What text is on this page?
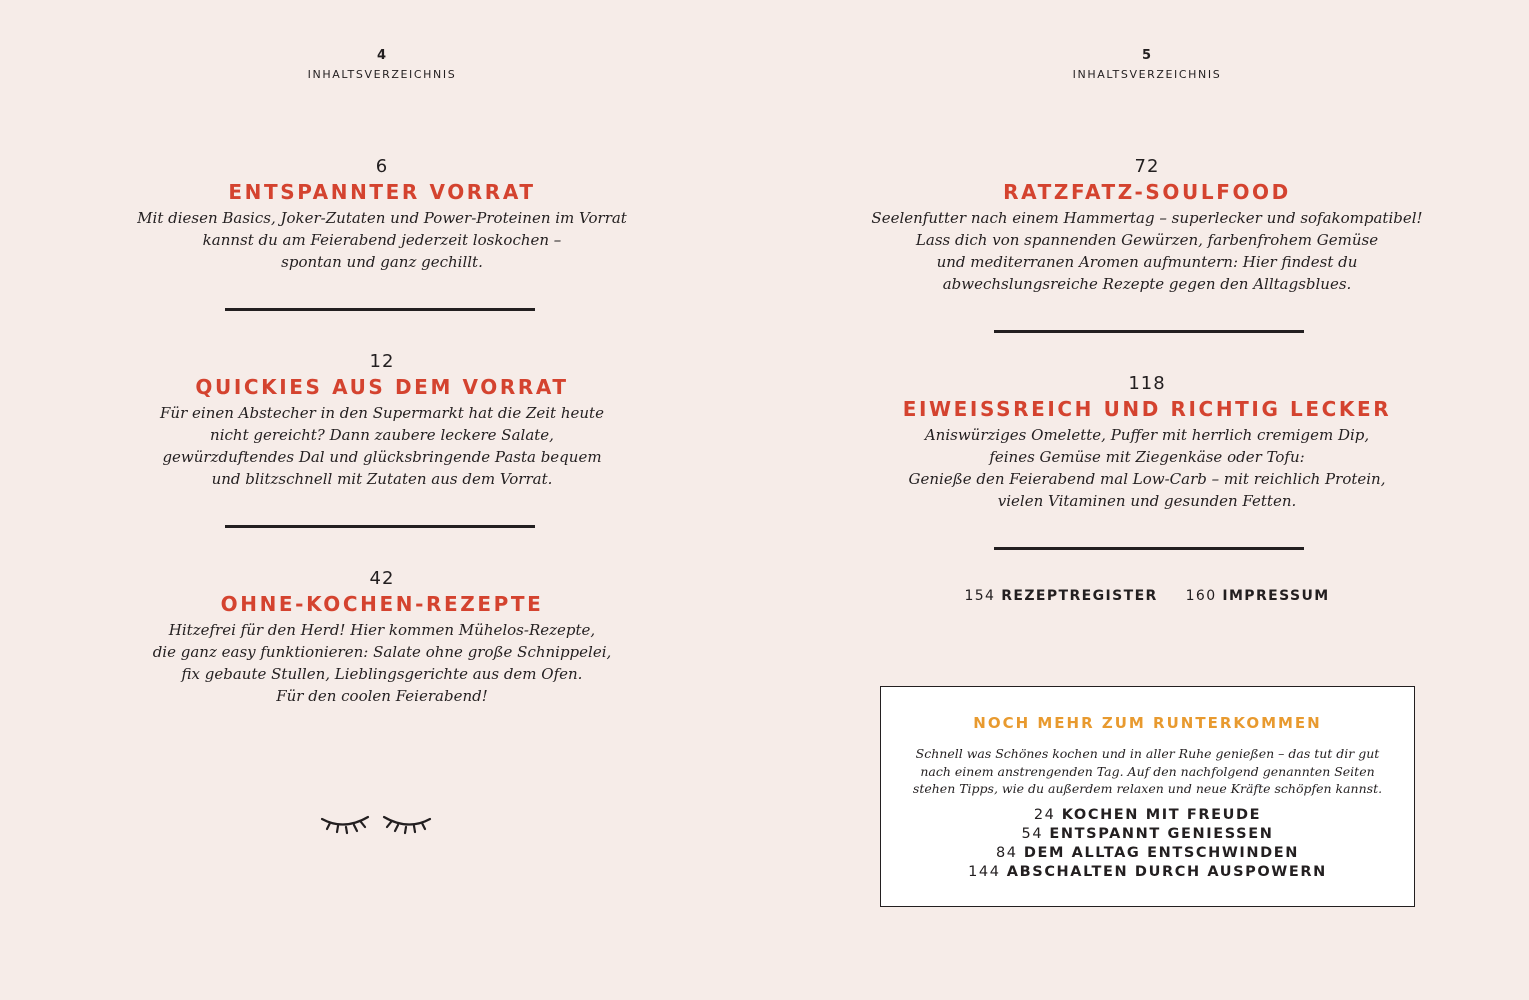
4
INHALTSVERZEICHNIS
6
ENTSPANNTER VORRAT
Mit diesen Basics, Joker-Zutaten und Power-Proteinen im Vorrat
kannst du am Feierabend jederzeit loskochen –
spontan und ganz gechillt.
12
QUICKIES AUS DEM VORRAT
Für einen Abstecher in den Supermarkt hat die Zeit heute
nicht gereicht? Dann zaubere leckere Salate,
gewürzduftendes Dal und glücksbringende Pasta bequem
und blitzschnell mit Zutaten aus dem Vorrat.
42
OHNE-KOCHEN-REZEPTE
Hitzefrei für den Herd! Hier kommen Mühelos-Rezepte,
die ganz easy funktionieren: Salate ohne große Schnippelei,
fix gebaute Stullen, Lieblingsgerichte aus dem Ofen.
Für den coolen Feierabend!
5
INHALTSVERZEICHNIS
72
RATZFATZ-SOULFOOD
Seelenfutter nach einem Hammertag – superlecker und sofakompatibel!
Lass dich von spannenden Gewürzen, farbenfrohem Gemüse
und mediterranen Aromen aufmuntern: Hier findest du
abwechslungsreiche Rezepte gegen den Alltagsblues.
118
EIWEISSREICH UND RICHTIG LECKER
Aniswürziges Omelette, Puffer mit herrlich cremigem Dip,
feines Gemüse mit Ziegenkäse oder Tofu:
Genieße den Feierabend mal Low-Carb – mit reichlich Protein,
vielen Vitaminen und gesunden Fetten.
154 REZEPTREGISTER 160 IMPRESSUM
NOCH MEHR ZUM RUNTERKOMMEN
Schnell was Schönes kochen und in aller Ruhe genießen – das tut dir gut
nach einem anstrengenden Tag. Auf den nachfolgend genannten Seiten
stehen Tipps, wie du außerdem relaxen und neue Kräfte schöpfen kannst.
24 KOCHEN MIT FREUDE
54 ENTSPANNT GENIESSEN
84 DEM ALLTAG ENTSCHWINDEN
144 ABSCHALTEN DURCH AUSPOWERN
